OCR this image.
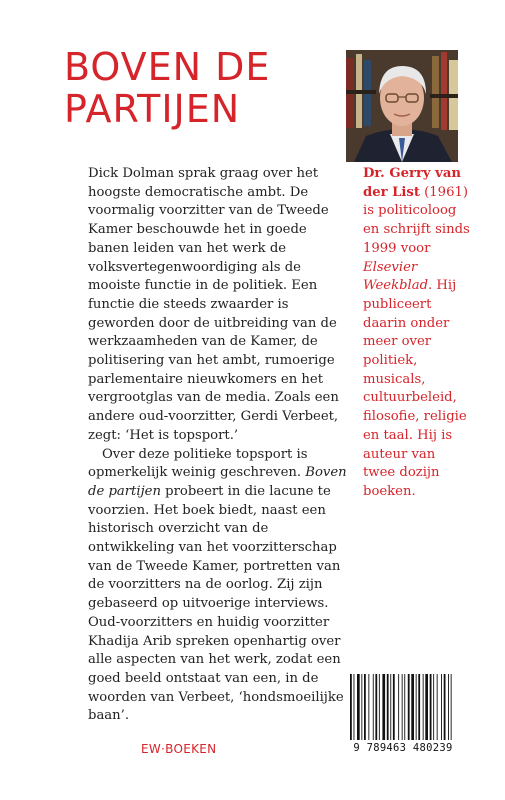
BOVEN DE
PARTIJEN

Dick Dolman sprak graag over het hoogste democratische ambt. De voormalig voorzitter van de Tweede Kamer beschouwde het in goede banen leiden van het werk de volksvertegenwoordiging als de mooiste functie in de politiek. Een functie die steeds zwaarder is geworden door de uitbreiding van de werkzaamheden van de Kamer, de politisering van het ambt, rumoerige parlementaire nieuwkomers en het vergrootglas van de media. Zoals een andere oud-voorzitter, Gerdi Verbeet, zegt: ‘Het is topsport.’

Over deze politieke topsport is opmerkelijk weinig geschreven. Boven de partijen probeert in die lacune te voorzien. Het boek biedt, naast een historisch overzicht van de ontwikkeling van het voorzitterschap van de Tweede Kamer, portretten van de voorzitters na de oorlog. Zij zijn gebaseerd op uitvoerige interviews. Oud-voorzitters en huidig voorzitter Khadija Arib spreken openhartig over alle aspecten van het werk, zodat een goed beeld ontstaat van een, in de woorden van Verbeet, ‘hondsmoeilijke baan’.

Dr. Gerry van der List (1961) is politicoloog en schrijft sinds 1999 voor Elsevier Weekblad. Hij publiceert daarin onder meer over politiek, musicals, cultuurbeleid, filosofie, religie en taal. Hij is auteur van twee dozijn boeken.
EW·BOEKEN	9 789463 480239
